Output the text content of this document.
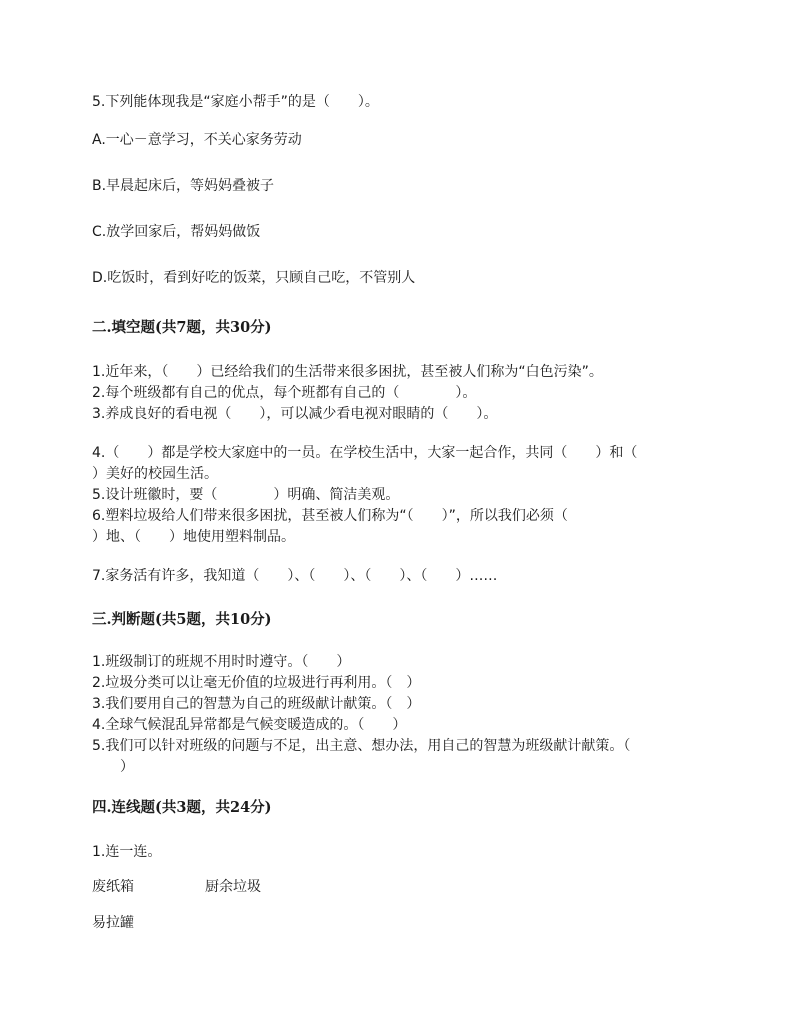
5.下列能体现我是“家庭小帮手”的是（　　）。
A.一心－意学习，不关心家务劳动
B.早晨起床后，等妈妈叠被子
C.放学回家后，帮妈妈做饭
D.吃饭时，看到好吃的饭菜，只顾自己吃，不管别人
二.填空题(共7题，共30分)
1.近年来，（　　）已经给我们的生活带来很多困扰，甚至被人们称为“白色污染”。
2.每个班级都有自己的优点，每个班都有自己的（　　　　）。
3.养成良好的看电视（　　），可以减少看电视对眼睛的（　　）。
4.（　　）都是学校大家庭中的一员。在学校生活中，大家一起合作，共同（　　）和（
）美好的校园生活。
5.设计班徽时，要（　　　　）明确、简洁美观。
6.塑料垃圾给人们带来很多困扰，甚至被人们称为“（　　）”，所以我们必须（
）地、（　　）地使用塑料制品。
7.家务活有许多，我知道（　　）、（　　）、（　　）、（　　）……
三.判断题(共5题，共10分)
1.班级制订的班规不用时时遵守。（　　）
2.垃圾分类可以让毫无价值的垃圾进行再利用。（　）
3.我们要用自己的智慧为自己的班级献计献策。（　）
4.全球气候混乱异常都是气候变暖造成的。（　　）
5.我们可以针对班级的问题与不足，出主意、想办法，用自己的智慧为班级献计献策。（
　　）
四.连线题(共3题，共24分)
1.连一连。
废纸箱	厨余垃圾
易拉罐
